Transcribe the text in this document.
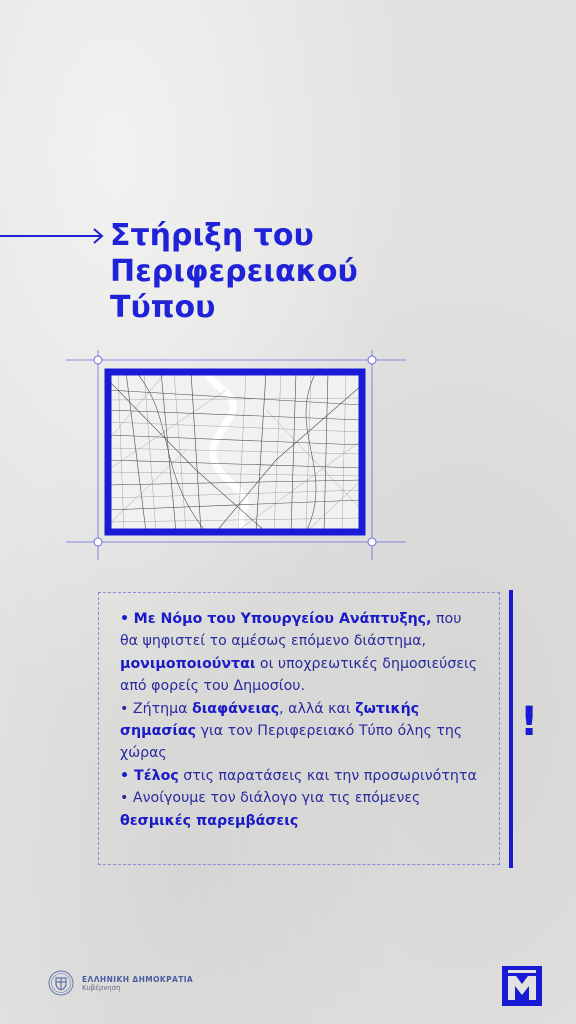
Στήριξη του
Περιφερειακού
Τύπου
!

• Με Νόμο του Υπουργείου Ανάπτυξης, που θα ψηφιστεί το αμέσως επόμενο διάστημα, μονιμοποιούνται οι υποχρεωτικές δημοσιεύσεις από φορείς του Δημοσίου.

• Ζήτημα διαφάνειας, αλλά και ζωτικής σημασίας για τον Περιφερειακό Τύπο όλης της χώρας

• Τέλος στις παρατάσεις και την προσωρινότητα

• Ανοίγουμε τον διάλογο για τις επόμενες θεσμικές παρεμβάσεις

ΕΛΛΗΝΙΚΗ ΔΗΜΟΚΡΑΤΙΑ
Κυβέρνηση
